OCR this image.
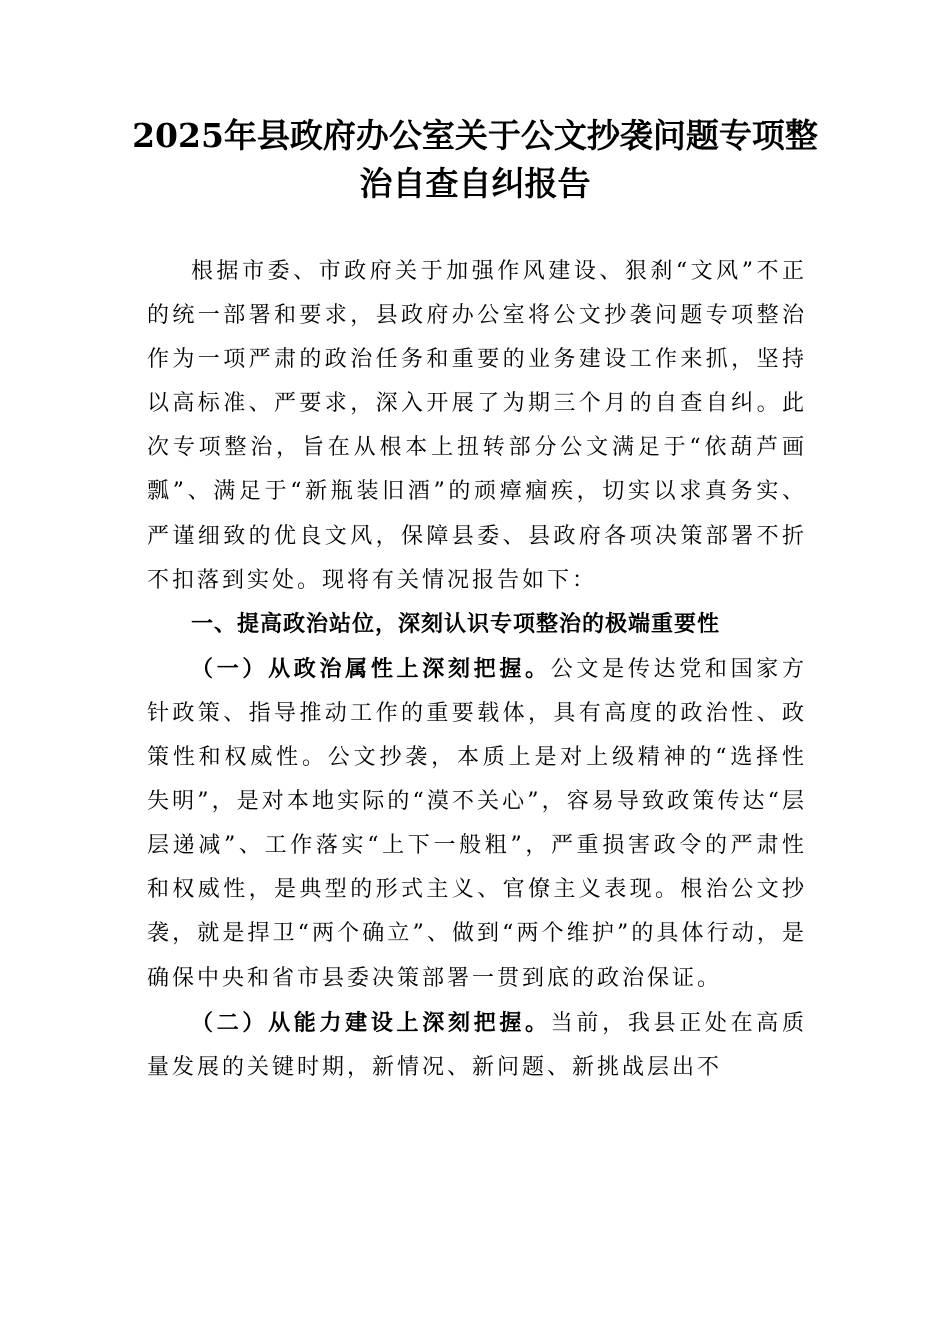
2025年县政府办公室关于公文抄袭问题专项整治自查自纠报告

根据市委、市政府关于加强作风建设、狠刹“文风”不正的统一部署和要求，县政府办公室将公文抄袭问题专项整治作为一项严肃的政治任务和重要的业务建设工作来抓，坚持以高标准、严要求，深入开展了为期三个月的自查自纠。此次专项整治，旨在从根本上扭转部分公文满足于“依葫芦画瓢”、满足于“新瓶装旧酒”的顽瘴痼疾，切实以求真务实、严谨细致的优良文风，保障县委、县政府各项决策部署不折不扣落到实处。现将有关情况报告如下：

一、提高政治站位，深刻认识专项整治的极端重要性

（一）从政治属性上深刻把握。公文是传达党和国家方针政策、指导推动工作的重要载体，具有高度的政治性、政策性和权威性。公文抄袭，本质上是对上级精神的“选择性失明”，是对本地实际的“漠不关心”，容易导致政策传达“层层递减”、工作落实“上下一般粗”，严重损害政令的严肃性和权威性，是典型的形式主义、官僚主义表现。根治公文抄袭，就是捍卫“两个确立”、做到“两个维护”的具体行动，是确保中央和省市县委决策部署一贯到底的政治保证。

（二）从能力建设上深刻把握。当前，我县正处在高质量发展的关键时期，新情况、新问题、新挑战层出不
